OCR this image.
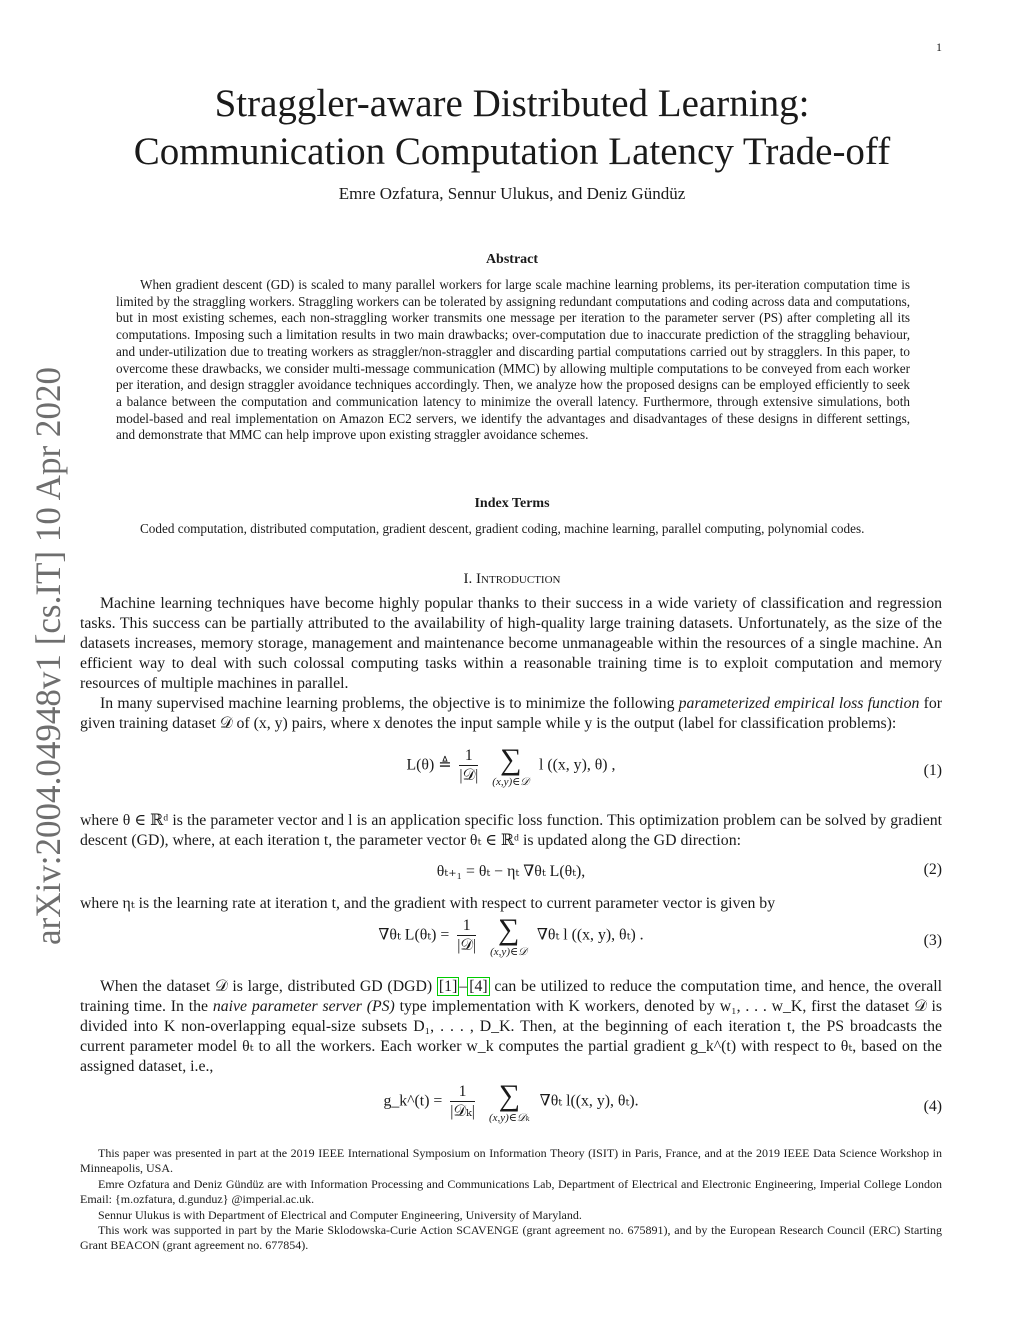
1
arXiv:2004.04948v1 [cs.IT] 10 Apr 2020
Straggler-aware Distributed Learning:
Communication Computation Latency Trade-off
Emre Ozfatura, Sennur Ulukus, and Deniz Gündüz
Abstract

When gradient descent (GD) is scaled to many parallel workers for large scale machine learning problems, its per-iteration computation time is limited by the straggling workers. Straggling workers can be tolerated by assigning redundant computations and coding across data and computations, but in most existing schemes, each non-straggling worker transmits one message per iteration to the parameter server (PS) after completing all its computations. Imposing such a limitation results in two main drawbacks; over-computation due to inaccurate prediction of the straggling behaviour, and under-utilization due to treating workers as straggler/non-straggler and discarding partial computations carried out by stragglers. In this paper, to overcome these drawbacks, we consider multi-message communication (MMC) by allowing multiple computations to be conveyed from each worker per iteration, and design straggler avoidance techniques accordingly. Then, we analyze how the proposed designs can be employed efficiently to seek a balance between the computation and communication latency to minimize the overall latency. Furthermore, through extensive simulations, both model-based and real implementation on Amazon EC2 servers, we identify the advantages and disadvantages of these designs in different settings, and demonstrate that MMC can help improve upon existing straggler avoidance schemes.

Index Terms

Coded computation, distributed computation, gradient descent, gradient coding, machine learning, parallel computing, polynomial codes.

I. Introduction

Machine learning techniques have become highly popular thanks to their success in a wide variety of classification and regression tasks. This success can be partially attributed to the availability of high-quality large training datasets. Unfortunately, as the size of the datasets increases, memory storage, management and maintenance become unmanageable within the resources of a single machine. An efficient way to deal with such colossal computing tasks within a reasonable training time is to exploit computation and memory resources of multiple machines in parallel.

In many supervised machine learning problems, the objective is to minimize the following parameterized empirical loss function for given training dataset 𝒟 of (x, y) pairs, where x denotes the input sample while y is the output (label for classification problems):

L(θ) ≜ $\frac{1}{\text{|𝒟|}}$
∑
(x,y)∈𝒟
l ((x, y), θ) ,	(1)

where θ ∈ ℝᵈ is the parameter vector and l is an application specific loss function. This optimization problem can be solved by gradient descent (GD), where, at each iteration t, the parameter vector θₜ ∈ ℝᵈ is updated along the GD direction:

θₜ₊₁ = θₜ − ηₜ ∇θₜ L(θₜ),	(2)

where ηₜ is the learning rate at iteration t, and the gradient with respect to current parameter vector is given by

∇θₜ $L(\theta_t) = \frac{1}{\text{|𝒟|}}$
∑
(x,y)∈𝒟
∇θₜ l ((x, y), θₜ) .	(3)

When the dataset 𝒟 is large, distributed GD (DGD) [1] – [4] can be utilized to reduce the computation time, and hence, the overall training time. In the naive parameter server (PS) type implementation with K workers, denoted by w₁, . . . w_K, first the dataset 𝒟 is divided into K non-overlapping equal-size subsets D₁, . . . , D_K. Then, at the beginning of each iteration t, the PS broadcasts the current parameter model θₜ to all the workers. Each worker w_k computes the partial gradient g_k^(t) with respect to θₜ, based on the assigned dataset, i.e.,

g_k^(t) = $\frac{1}{\text{|𝒟ₖ|}}$
∑
(x,y)∈𝒟ₖ
∇θₜ l((x, y), θₜ).	(4)

This paper was presented in part at the 2019 IEEE International Symposium on Information Theory (ISIT) in Paris, France, and at the 2019 IEEE Data Science Workshop in Minneapolis, USA.

Emre Ozfatura and Deniz Gündüz are with Information Processing and Communications Lab, Department of Electrical and Electronic Engineering, Imperial College London Email: {m.ozfatura, d.gunduz} @imperial.ac.uk.

Sennur Ulukus is with Department of Electrical and Computer Engineering, University of Maryland.

This work was supported in part by the Marie Sklodowska-Curie Action SCAVENGE (grant agreement no. 675891), and by the European Research Council (ERC) Starting Grant BEACON (grant agreement no. 677854).
